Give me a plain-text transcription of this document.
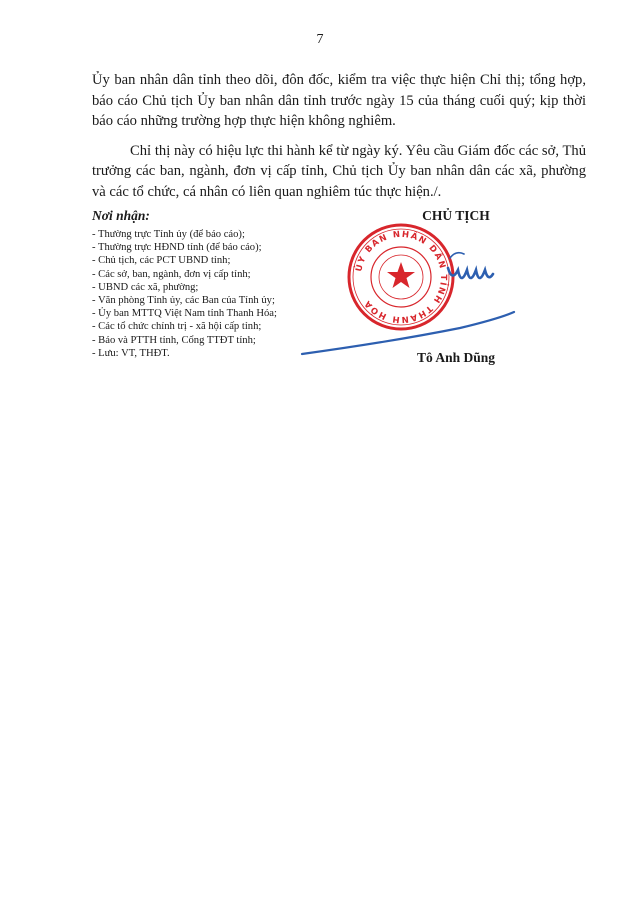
7

Ủy ban nhân dân tỉnh theo dõi, đôn đốc, kiểm tra việc thực hiện Chỉ thị; tổng hợp, báo cáo Chủ tịch Ủy ban nhân dân tỉnh trước ngày 15 của tháng cuối quý; kịp thời báo cáo những trường hợp thực hiện không nghiêm.

Chỉ thị này có hiệu lực thi hành kể từ ngày ký. Yêu cầu Giám đốc các sở, Thủ trưởng các ban, ngành, đơn vị cấp tỉnh, Chủ tịch Ủy ban nhân dân các xã, phường và các tổ chức, cá nhân có liên quan nghiêm túc thực hiện./.

Nơi nhận:
- Thường trực Tỉnh ủy (để báo cáo);
- Thường trực HĐND tỉnh (để báo cáo);
- Chủ tịch, các PCT UBND tỉnh;
- Các sở, ban, ngành, đơn vị cấp tỉnh;
- UBND các xã, phường;
- Văn phòng Tỉnh ủy, các Ban của Tỉnh ủy;
- Ủy ban MTTQ Việt Nam tỉnh Thanh Hóa;
- Các tổ chức chính trị - xã hội cấp tỉnh;
- Báo và PTTH tỉnh, Cổng TTĐT tỉnh;
- Lưu: VT, THĐT.
CHỦ TỊCH
ỦY BAN NHÂN DÂN TỈNH THANH HÓA
Tô Anh Dũng
